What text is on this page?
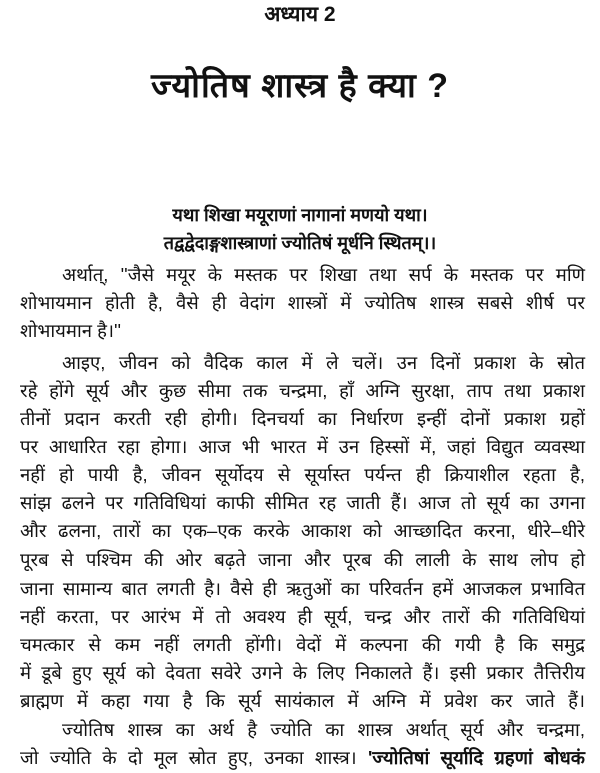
अध्याय 2
ज्योतिष शास्त्र है क्या ?
यथा शिखा मयूराणां नागानां मणयो यथा।
तद्वद्वेदाङ्गशास्त्राणां ज्योतिषं मूर्धनि स्थितम्।।
अर्थात्, ''जैसे मयूर के मस्तक पर शिखा तथा सर्प के मस्तक पर मणि
शोभायमान होती है, वैसे ही वेदांग शास्त्रों में ज्योतिष शास्त्र सबसे शीर्ष पर
शोभायमान है।''
आइए, जीवन को वैदिक काल में ले चलें। उन दिनों प्रकाश के स्रोत
रहे होंगे सूर्य और कुछ सीमा तक चन्द्रमा, हाँ अग्नि सुरक्षा, ताप तथा प्रकाश
तीनों प्रदान करती रही होगी। दिनचर्या का निर्धारण इन्हीं दोनों प्रकाश ग्रहों
पर आधारित रहा होगा। आज भी भारत में उन हिस्सों में, जहां विद्युत व्यवस्था
नहीं हो पायी है, जीवन सूर्योदय से सूर्यास्त पर्यन्त ही क्रियाशील रहता है,
सांझ ढलने पर गतिविधियां काफी सीमित रह जाती हैं। आज तो सूर्य का उगना
और ढलना, तारों का एक–एक करके आकाश को आच्छादित करना, धीरे–धीरे
पूरब से पश्चिम की ओर बढ़ते जाना और पूरब की लाली के साथ लोप हो
जाना सामान्य बात लगती है। वैसे ही ऋतुओं का परिवर्तन हमें आजकल प्रभावित
नहीं करता, पर आरंभ में तो अवश्य ही सूर्य, चन्द्र और तारों की गतिविधियां
चमत्कार से कम नहीं लगती होंगी। वेदों में कल्पना की गयी है कि समुद्र
में डूबे हुए सूर्य को देवता सवेरे उगने के लिए निकालते हैं। इसी प्रकार तैत्तिरीय
ब्राह्मण में कहा गया है कि सूर्य सायंकाल में अग्नि में प्रवेश कर जाते हैं।
ज्योतिष शास्त्र का अर्थ है ज्योति का शास्त्र अर्थात् सूर्य और चन्द्रमा,
जो ज्योति के दो मूल स्रोत हुए, उनका शास्त्र। 'ज्योतिषां सूर्यादि ग्रहणां बोधकं
